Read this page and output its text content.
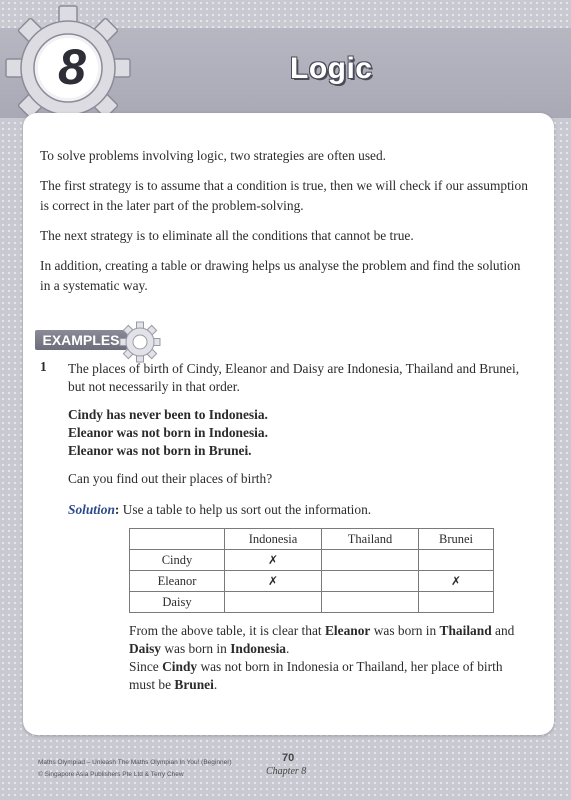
8	Logic

To solve problems involving logic, two strategies are often used.

The first strategy is to assume that a condition is true, then we will check if our assumption

is correct in the later part of the problem-solving.

The next strategy is to eliminate all the conditions that cannot be true.

In addition, creating a table or drawing helps us analyse the problem and find the solution

in a systematic way.

EXAMPLES
1 The places of birth of Cindy, Eleanor and Daisy are Indonesia, Thailand and Brunei,

but not necessarily in that order.

Cindy has never been to Indonesia.

Eleanor was not born in Indonesia.

Eleanor was not born in Brunei.

Can you find out their places of birth?

Solution: Use a table to help us sort out the information.

	Indonesia	Thailand	Brunei
Cindy	✗		
Eleanor	✗		✗
Daisy			

From the above table, it is clear that Eleanor was born in Thailand and

Daisy was born in Indonesia.

Since Cindy was not born in Indonesia or Thailand, her place of birth

must be Brunei.

Maths Olympiad – Unleash The Maths Olympian In You! (Beginner)
© Singapore Asia Publishers Pte Ltd & Terry Chew
70
Chapter 8
